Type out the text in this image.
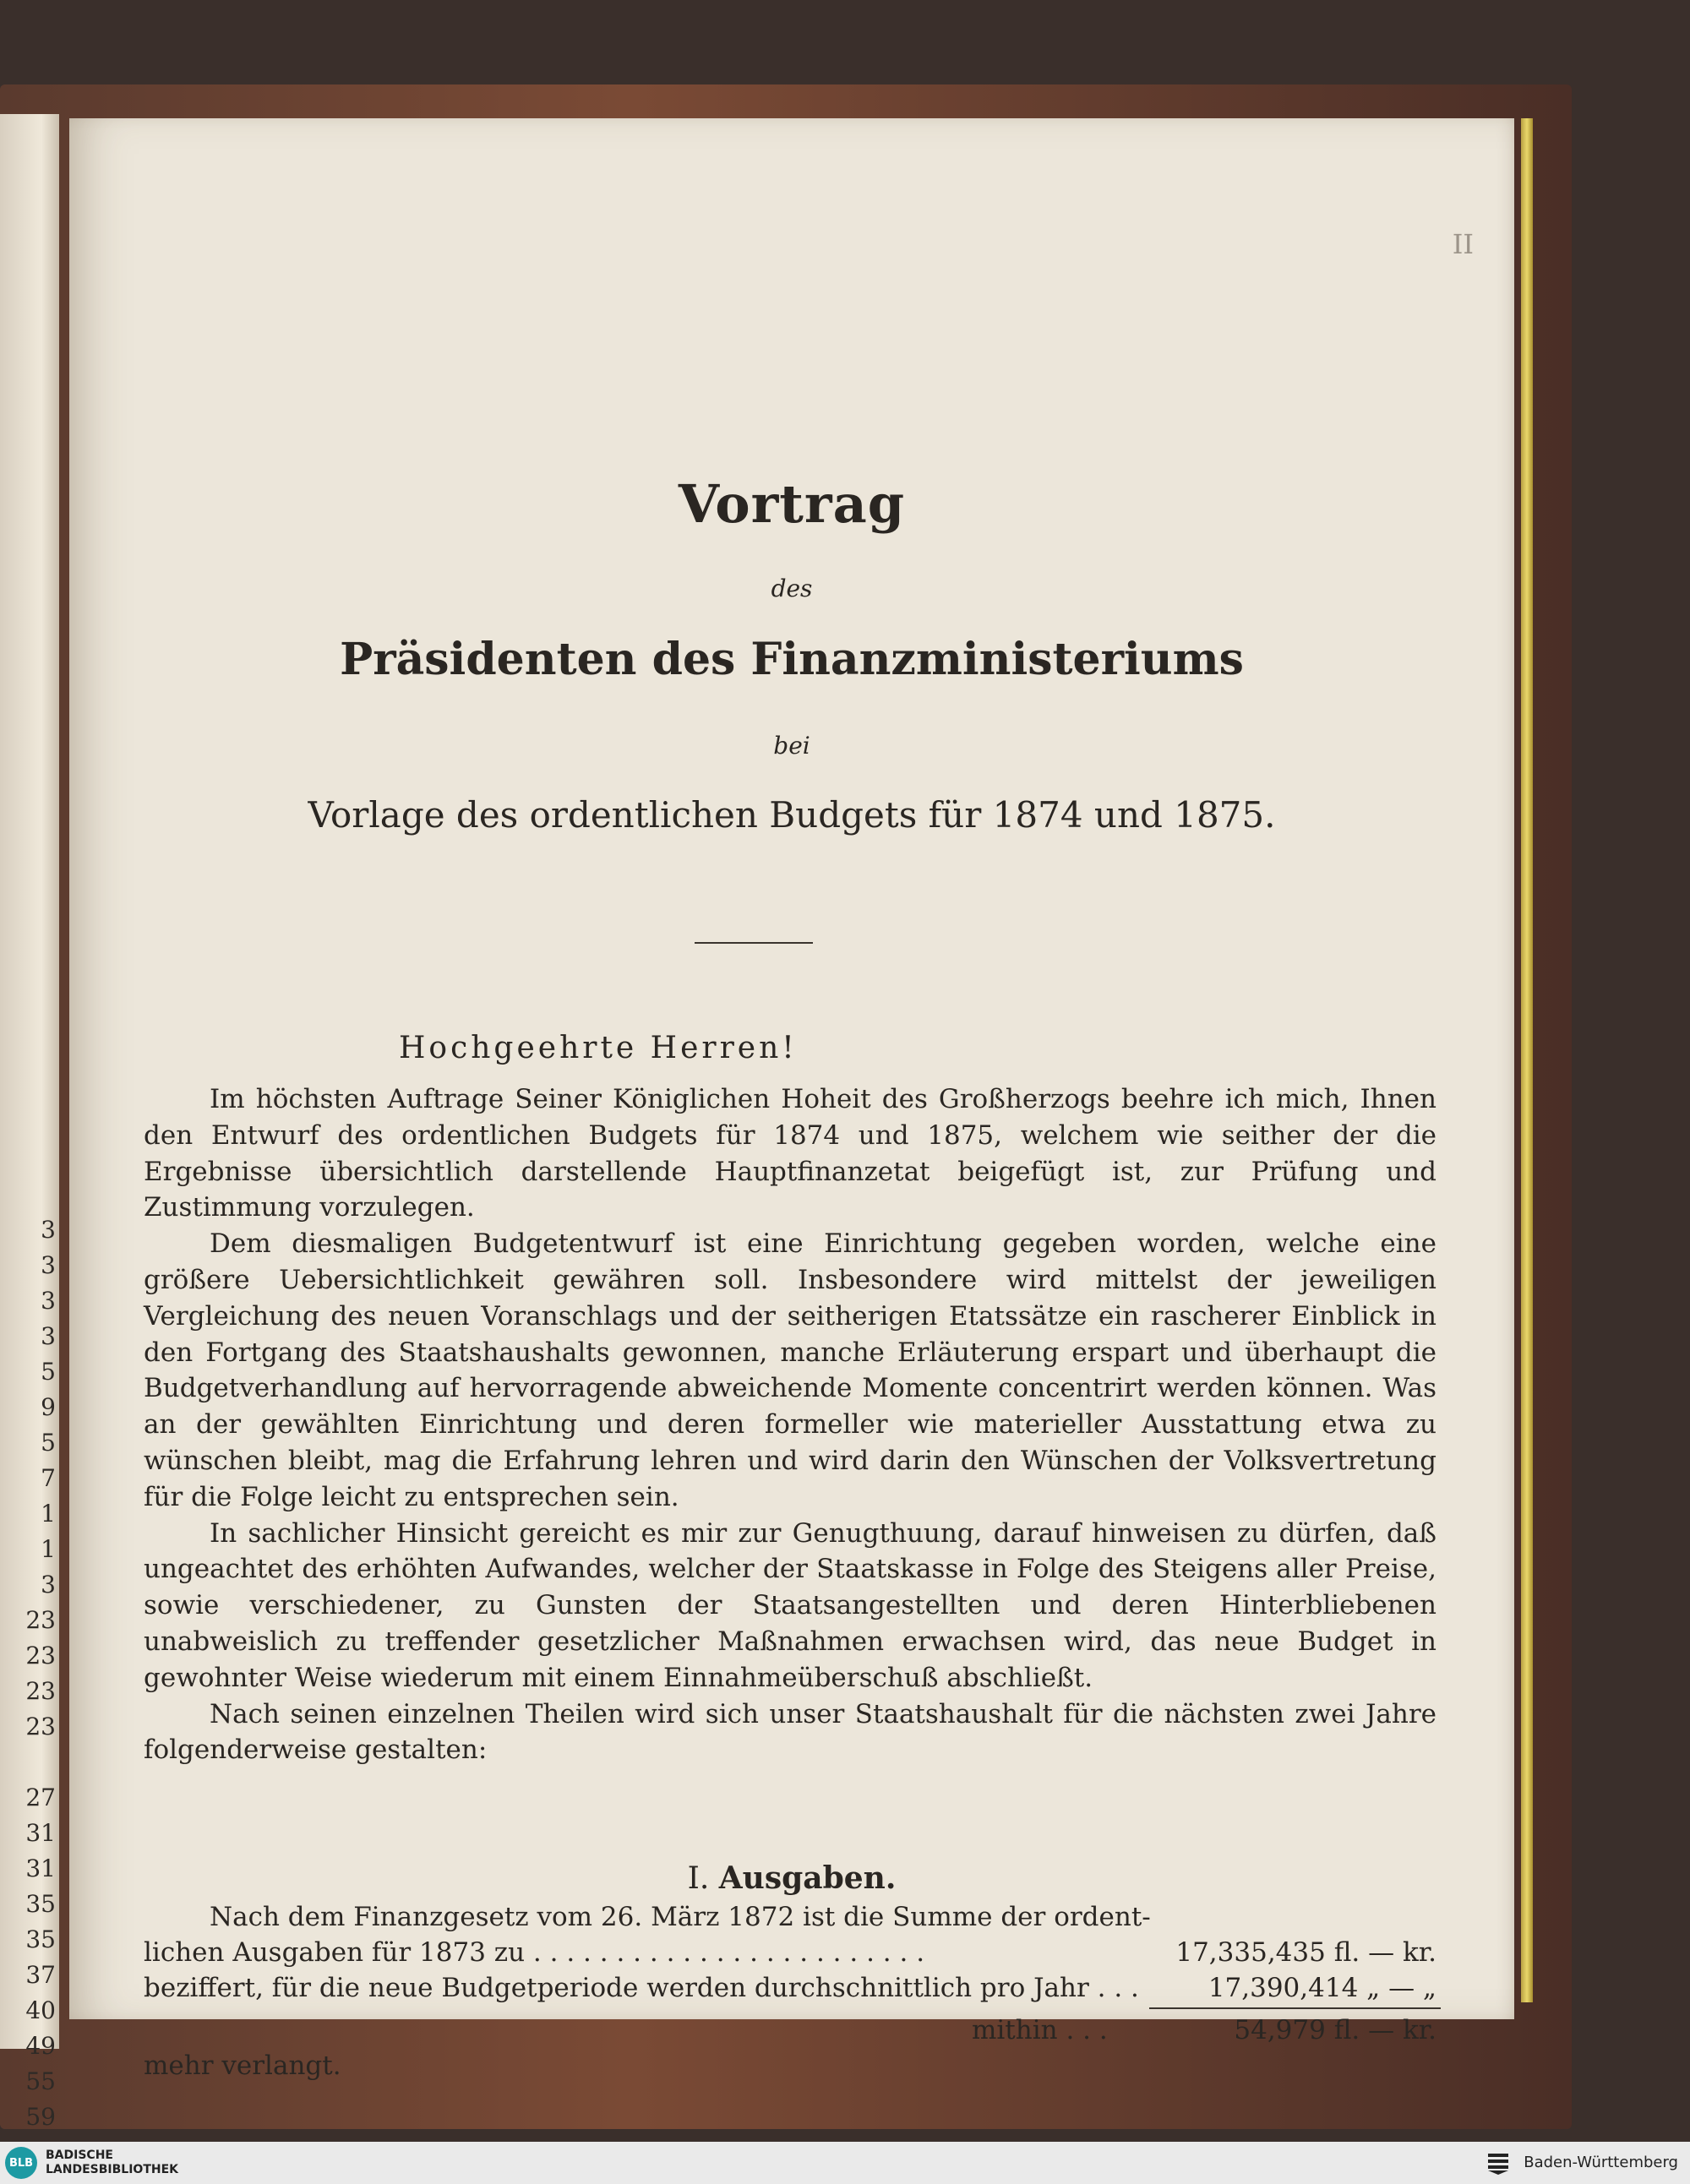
3
3
3
3
5
9
5
7
1
1
3
23
23
23
23

27
31
31
35
35
37
40
49
55
59
II
Vortrag
des
Präsidenten des Finanzministeriums
bei
Vorlage des ordentlichen Budgets für 1874 und 1875.
Hochgeehrte Herren!

Im höchsten Auftrage Seiner Königlichen Hoheit des Großherzogs beehre ich mich, Ihnen den Entwurf des ordentlichen Budgets für 1874 und 1875, welchem wie seither der die Ergebnisse übersichtlich darstellende Hauptfinanzetat beigefügt ist, zur Prüfung und Zustimmung vorzulegen.

Dem diesmaligen Budgetentwurf ist eine Einrichtung gegeben worden, welche eine größere Uebersichtlichkeit gewähren soll. Insbesondere wird mittelst der jeweiligen Vergleichung des neuen Voranschlags und der seitherigen Etatssätze ein rascherer Einblick in den Fortgang des Staatshaushalts gewonnen, manche Erläuterung erspart und überhaupt die Budgetverhandlung auf hervorragende abweichende Momente concentrirt werden können. Was an der gewählten Einrichtung und deren formeller wie materieller Ausstattung etwa zu wünschen bleibt, mag die Erfahrung lehren und wird darin den Wünschen der Volksvertretung für die Folge leicht zu entsprechen sein.

In sachlicher Hinsicht gereicht es mir zur Genugthuung, darauf hinweisen zu dürfen, daß ungeachtet des erhöhten Aufwandes, welcher der Staatskasse in Folge des Steigens aller Preise, sowie verschiedener, zu Gunsten der Staatsangestellten und deren Hinterbliebenen unabweislich zu treffender gesetzlicher Maßnahmen erwachsen wird, das neue Budget in gewohnter Weise wiederum mit einem Einnahmeüberschuß abschließt.

Nach seinen einzelnen Theilen wird sich unser Staatshaushalt für die nächsten zwei Jahre folgenderweise gestalten:

I. Ausgaben.
Nach dem Finanzgesetz vom 26. März 1872 ist die Summe der ordent-
lichen Ausgaben für 1873 zu . . . . . . . . . . . . . . . . . . . . . . . .	17,335,435 fl. — kr.
beziffert, für die neue Budgetperiode werden durchschnittlich pro Jahr . . .	17,390,414 „ — „
mithin . . .	54,979 fl. — kr.
mehr verlangt.
BLB
BADISCHE
LANDESBIBLIOTHEK	Baden-Württemberg
